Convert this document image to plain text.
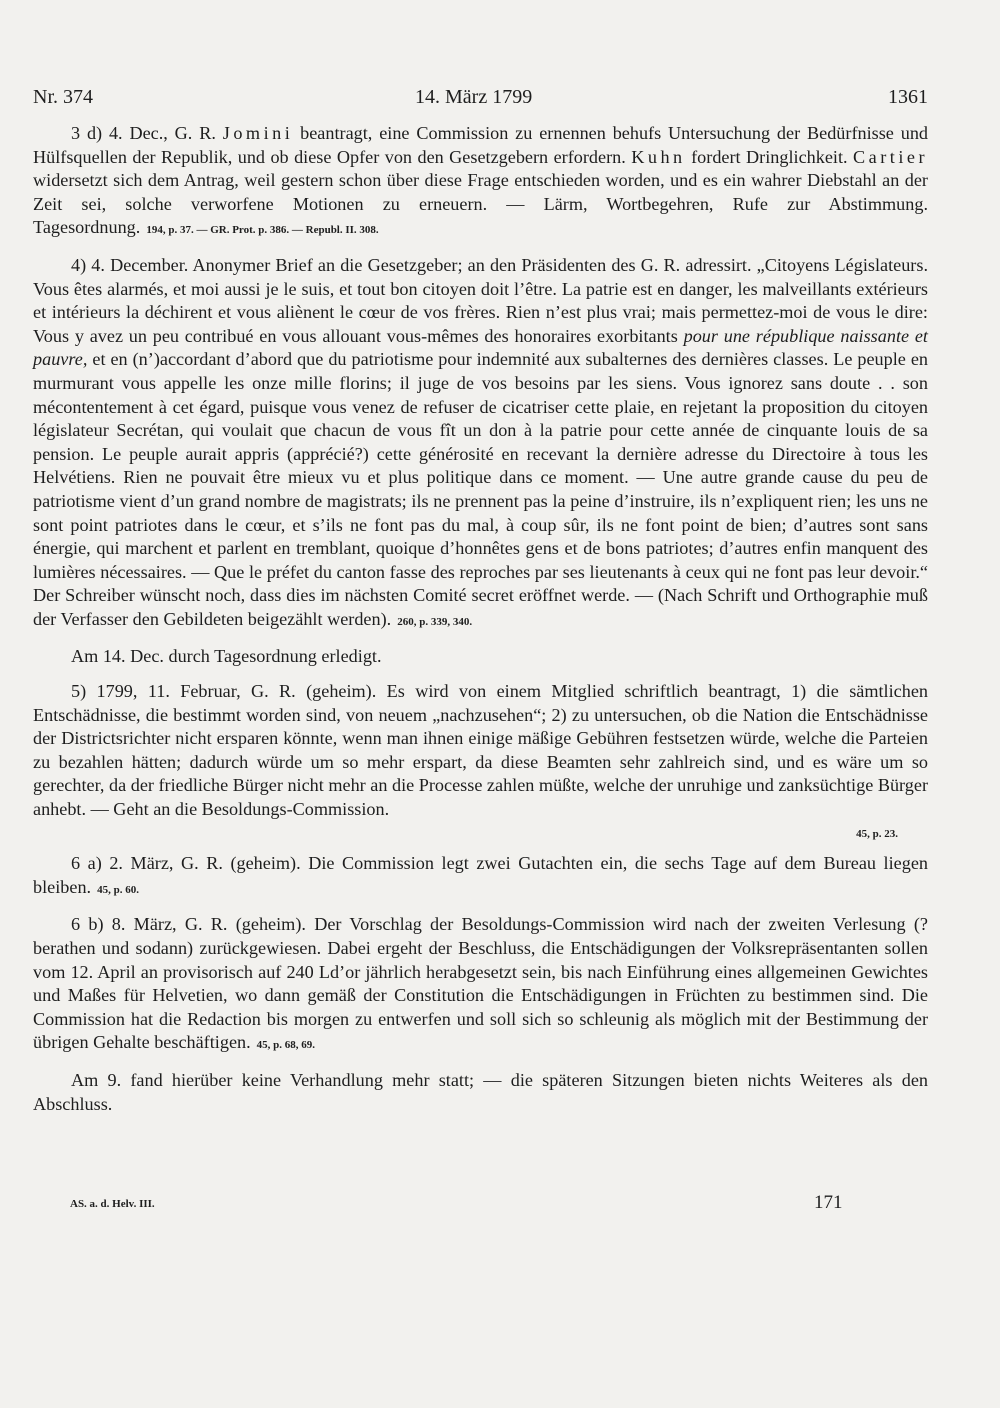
Nr. 374	14. März 1799	1361

3 d) 4. Dec., G. R. Jomini beantragt, eine Commission zu ernennen behufs Untersuchung der Bedürfnisse und Hülfsquellen der Republik, und ob diese Opfer von den Gesetzgebern erfordern. Kuhn fordert Dringlichkeit. Cartier widersetzt sich dem Antrag, weil gestern schon über diese Frage entschieden worden, und es ein wahrer Diebstahl an der Zeit sei, solche verworfene Motionen zu erneuern. — Lärm, Wortbegehren, Rufe zur Abstimmung. Tagesordnung. 194, p. 37. — GR. Prot. p. 386. — Republ. II. 308.

4) 4. December. Anonymer Brief an die Gesetzgeber; an den Präsidenten des G. R. adressirt. „Citoyens Législateurs. Vous êtes alarmés, et moi aussi je le suis, et tout bon citoyen doit l’être. La patrie est en danger, les malveillants extérieurs et intérieurs la déchirent et vous aliènent le cœur de vos frères. Rien n’est plus vrai; mais permettez-moi de vous le dire: Vous y avez un peu contribué en vous allouant vous-mêmes des honoraires exorbitants pour une république naissante et pauvre, et en (n’)accordant d’abord que du patriotisme pour indemnité aux subalternes des dernières classes. Le peuple en murmurant vous appelle les onze mille florins; il juge de vos besoins par les siens. Vous ignorez sans doute . . son mécontentement à cet égard, puisque vous venez de refuser de cicatriser cette plaie, en rejetant la proposition du citoyen législateur Secrétan, qui voulait que chacun de vous fît un don à la patrie pour cette année de cinquante louis de sa pension. Le peuple aurait appris (apprécié?) cette générosité en recevant la dernière adresse du Directoire à tous les Helvétiens. Rien ne pouvait être mieux vu et plus politique dans ce moment. — Une autre grande cause du peu de patriotisme vient d’un grand nombre de magistrats; ils ne prennent pas la peine d’instruire, ils n’expliquent rien; les uns ne sont point patriotes dans le cœur, et s’ils ne font pas du mal, à coup sûr, ils ne font point de bien; d’autres sont sans énergie, qui marchent et parlent en tremblant, quoique d’honnêtes gens et de bons patriotes; d’autres enfin manquent des lumières nécessaires. — Que le préfet du canton fasse des reproches par ses lieutenants à ceux qui ne font pas leur devoir.“ Der Schreiber wünscht noch, dass dies im nächsten Comité secret eröffnet werde. — (Nach Schrift und Orthographie muß der Verfasser den Gebildeten beigezählt werden). 260, p. 339, 340.

Am 14. Dec. durch Tagesordnung erledigt.

5) 1799, 11. Februar, G. R. (geheim). Es wird von einem Mitglied schriftlich beantragt, 1) die sämtlichen Entschädnisse, die bestimmt worden sind, von neuem „nachzusehen“; 2) zu untersuchen, ob die Nation die Entschädnisse der Districtsrichter nicht ersparen könnte, wenn man ihnen einige mäßige Gebühren festsetzen würde, welche die Parteien zu bezahlen hätten; dadurch würde um so mehr erspart, da diese Beamten sehr zahlreich sind, und es wäre um so gerechter, da der friedliche Bürger nicht mehr an die Processe zahlen müßte, welche der unruhige und zanksüchtige Bürger anhebt. — Geht an die Besoldungs-Commission.

45, p. 23.

6 a) 2. März, G. R. (geheim). Die Commission legt zwei Gutachten ein, die sechs Tage auf dem Bureau liegen bleiben. 45, p. 60.

6 b) 8. März, G. R. (geheim). Der Vorschlag der Besoldungs-Commission wird nach der zweiten Verlesung (?berathen und sodann) zurückgewiesen. Dabei ergeht der Beschluss, die Entschädigungen der Volksrepräsentanten sollen vom 12. April an provisorisch auf 240 Ld’or jährlich herabgesetzt sein, bis nach Einführung eines allgemeinen Gewichtes und Maßes für Helvetien, wo dann gemäß der Constitution die Entschädigungen in Früchten zu bestimmen sind. Die Commission hat die Redaction bis morgen zu entwerfen und soll sich so schleunig als möglich mit der Bestimmung der übrigen Gehalte beschäftigen. 45, p. 68, 69.

Am 9. fand hierüber keine Verhandlung mehr statt; — die späteren Sitzungen bieten nichts Weiteres als den Abschluss.

AS. a. d. Helv. III.	171
